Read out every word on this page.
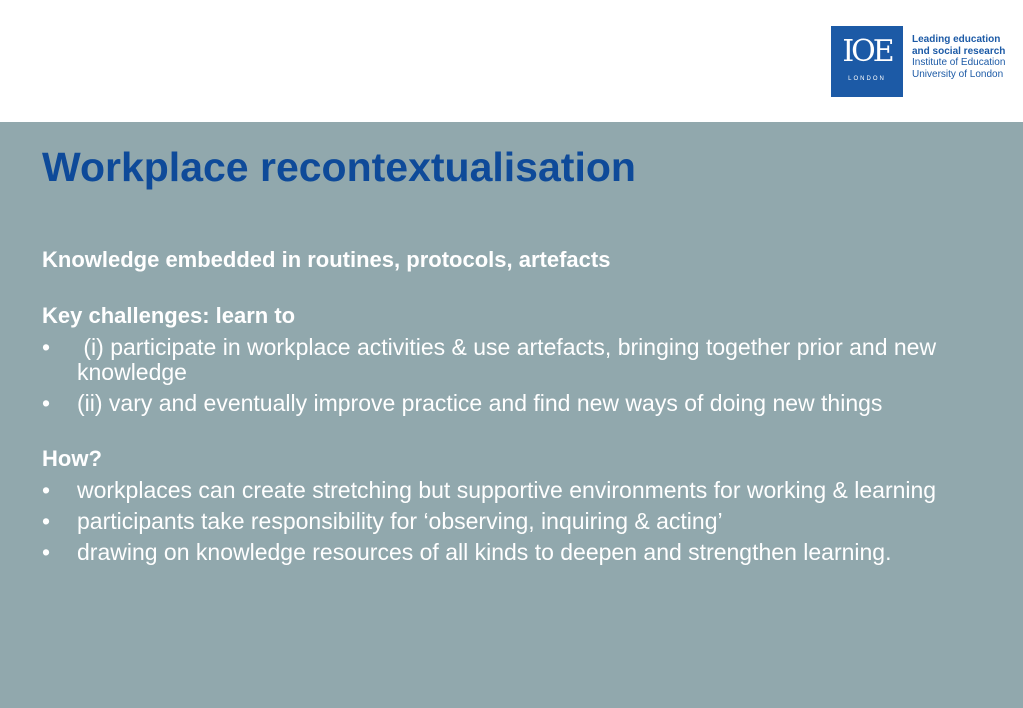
IOE
LONDON
Leading education
and social research
Institute of Education
University of London
Workplace recontextualisation
Knowledge embedded in routines, protocols, artefacts
Key challenges: learn to
• (i) participate in workplace activities & use artefacts, bringing together prior and new knowledge
• (ii) vary and eventually improve practice and find new ways of doing new things
How?
• workplaces can create stretching but supportive environments for working & learning
• participants take responsibility for ‘observing, inquiring & acting’
• drawing on knowledge resources of all kinds to deepen and strengthen learning.
